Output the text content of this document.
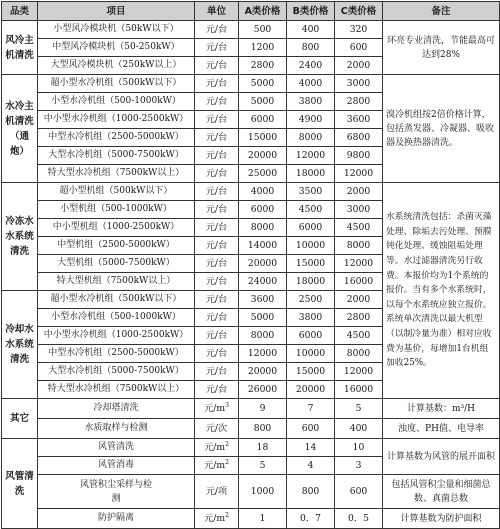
品类	项目	单位	A类价格	B类价格	C类价格	备注
风冷主机清洗	小型风冷模块机（50kW以下）	元/台	500	400	320	环亮专业清洗，节能最高可达到28%
	中型风冷模块机（50-250kW）	元/台	1200	800	600	
	大型风冷模块机（250kW以上）	元/台	2800	2400	2000	
水冷主机清洗（通炮）	超小型水冷机组（500kW以下）	元/台	5000	4000	3000	溴冷机组按2倍价格计算，包括蒸发器、冷凝器、吸收器及换热器清洗。
	小型水冷机组（500-1000kW）	元/台	5000	3800	2800	
	中小型水冷机组（1000-2500kW）	元/台	6000	4900	3600	
	中型水冷机组（2500-5000kW）	元/台	15000	8000	6800	
	大型水冷机组（5000-7500kW）	元/台	20000	12000	9800	
	特大型水冷机组（7500kW以上）	元/台	25000	18000	12000	
冷冻水水系统清洗	超小型机组（500kW以下）	元/台	4000	3500	2000	水系统清洗包括：杀菌灭藻处理、除垢去污处理、预膜钝化处理、缓蚀阻垢处理等。水过滤器清洗另行收费。本报价均为1个系统的报价。当有多个水系统时，以每个水系统应独立报价。系统单次清洗以最大机型（以制冷量为准）相对应收费为基价，每增加1台机组加收25%。
	小型机组（500-1000kW）	元/台	6000	4500	3000	
	中小型机组（1000-2500kW）	元/台	8000	6000	4500	
	中型机组（2500-5000kW）	元/台	14000	10000	8000	
	大型机组（5000-7500kW）	元/台	20000	15000	12000	
	特大型机组（7500kW以上）	元/台	24000	18000	16000	
冷却水水系统清洗	超小型水冷机组（500kW以下）	元/台	3600	2500	2000	
	小型水冷机组（500-1000kW）	元/台	5000	3800	2800	
	中小型水冷机组（1000-2500kW）	元/台	8000	6000	4500	
	中型水冷机组（2500-5000kW）	元/台	12000	10000	8000	
	大型水冷机组（5000-7500kW）	元/台	20000	15000	12000	
	特大型水冷机组（7500kW以上）	元/台	26000	20000	16000	
其它	冷却塔清洗	元$/m^3$	9	7	5	计算基数：m³/H
	水质取样与检测	元/次	800	600	400	浊度、PH值、电导率
风管清洗	风管清洗	元$/m^2$	18	14	10	计算基数为风管的展开面积
	风管消毒	元$/m^2$	5	4	3	
	风管积尘采样与检测	元/项	1000	800	600	包括风管积尘量和细菌总数、真菌总数
	防护隔离	元$/m^2$	1	0．7	0．5	计算基数为防护面积
